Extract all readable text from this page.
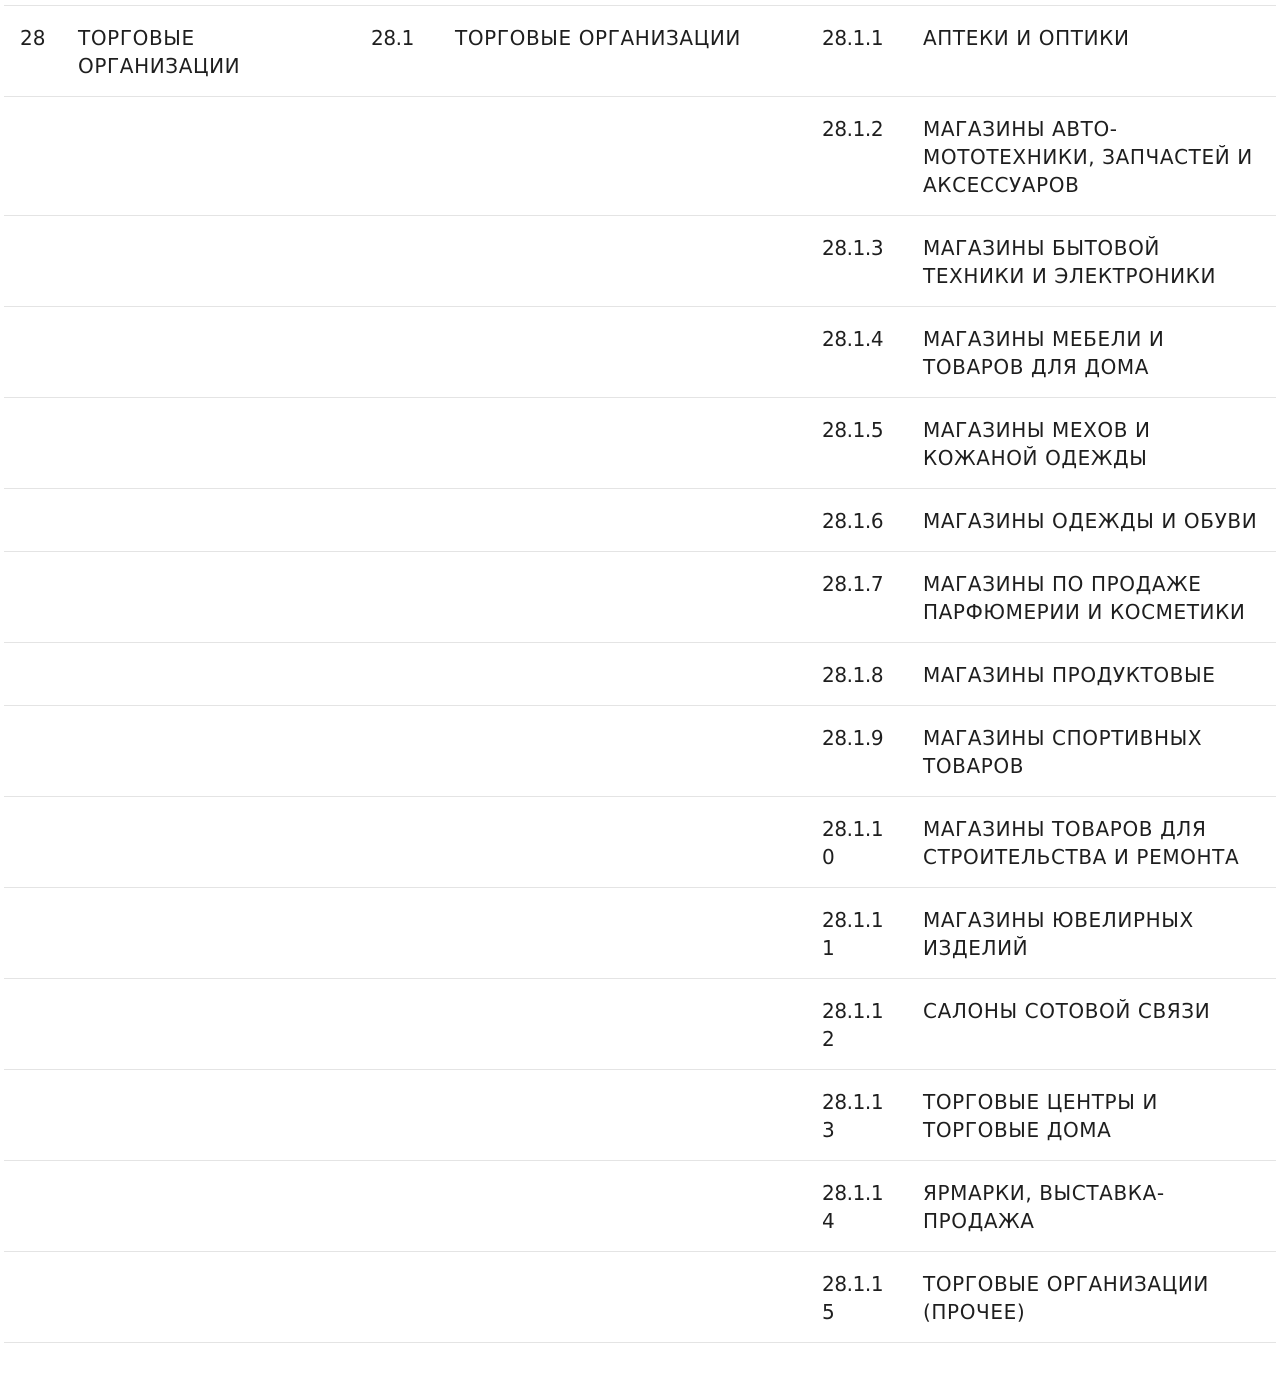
28	ТОРГОВЫЕ ОРГАНИЗАЦИИ	28.1	ТОРГОВЫЕ ОРГАНИЗАЦИИ	28.1.1	АПТЕКИ И ОПТИКИ
				28.1.2	МАГАЗИНЫ АВТО-МОТОТЕХНИКИ, ЗАПЧАСТЕЙ И АКСЕССУАРОВ
				28.1.3	МАГАЗИНЫ БЫТОВОЙ ТЕХНИКИ И ЭЛЕКТРОНИКИ
				28.1.4	МАГАЗИНЫ МЕБЕЛИ И ТОВАРОВ ДЛЯ ДОМА
				28.1.5	МАГАЗИНЫ МЕХОВ И КОЖАНОЙ ОДЕЖДЫ
				28.1.6	МАГАЗИНЫ ОДЕЖДЫ И ОБУВИ
				28.1.7	МАГАЗИНЫ ПО ПРОДАЖЕ ПАРФЮМЕРИИ И КОСМЕТИКИ
				28.1.8	МАГАЗИНЫ ПРОДУКТОВЫЕ
				28.1.9	МАГАЗИНЫ СПОРТИВНЫХ ТОВАРОВ
				28.1.10	МАГАЗИНЫ ТОВАРОВ ДЛЯ СТРОИТЕЛЬСТВА И РЕМОНТА
				28.1.11	МАГАЗИНЫ ЮВЕЛИРНЫХ ИЗДЕЛИЙ
				28.1.12	САЛОНЫ СОТОВОЙ СВЯЗИ
				28.1.13	ТОРГОВЫЕ ЦЕНТРЫ И ТОРГОВЫЕ ДОМА
				28.1.14	ЯРМАРКИ, ВЫСТАВКА-ПРОДАЖА
				28.1.15	ТОРГОВЫЕ ОРГАНИЗАЦИИ (ПРОЧЕЕ)
